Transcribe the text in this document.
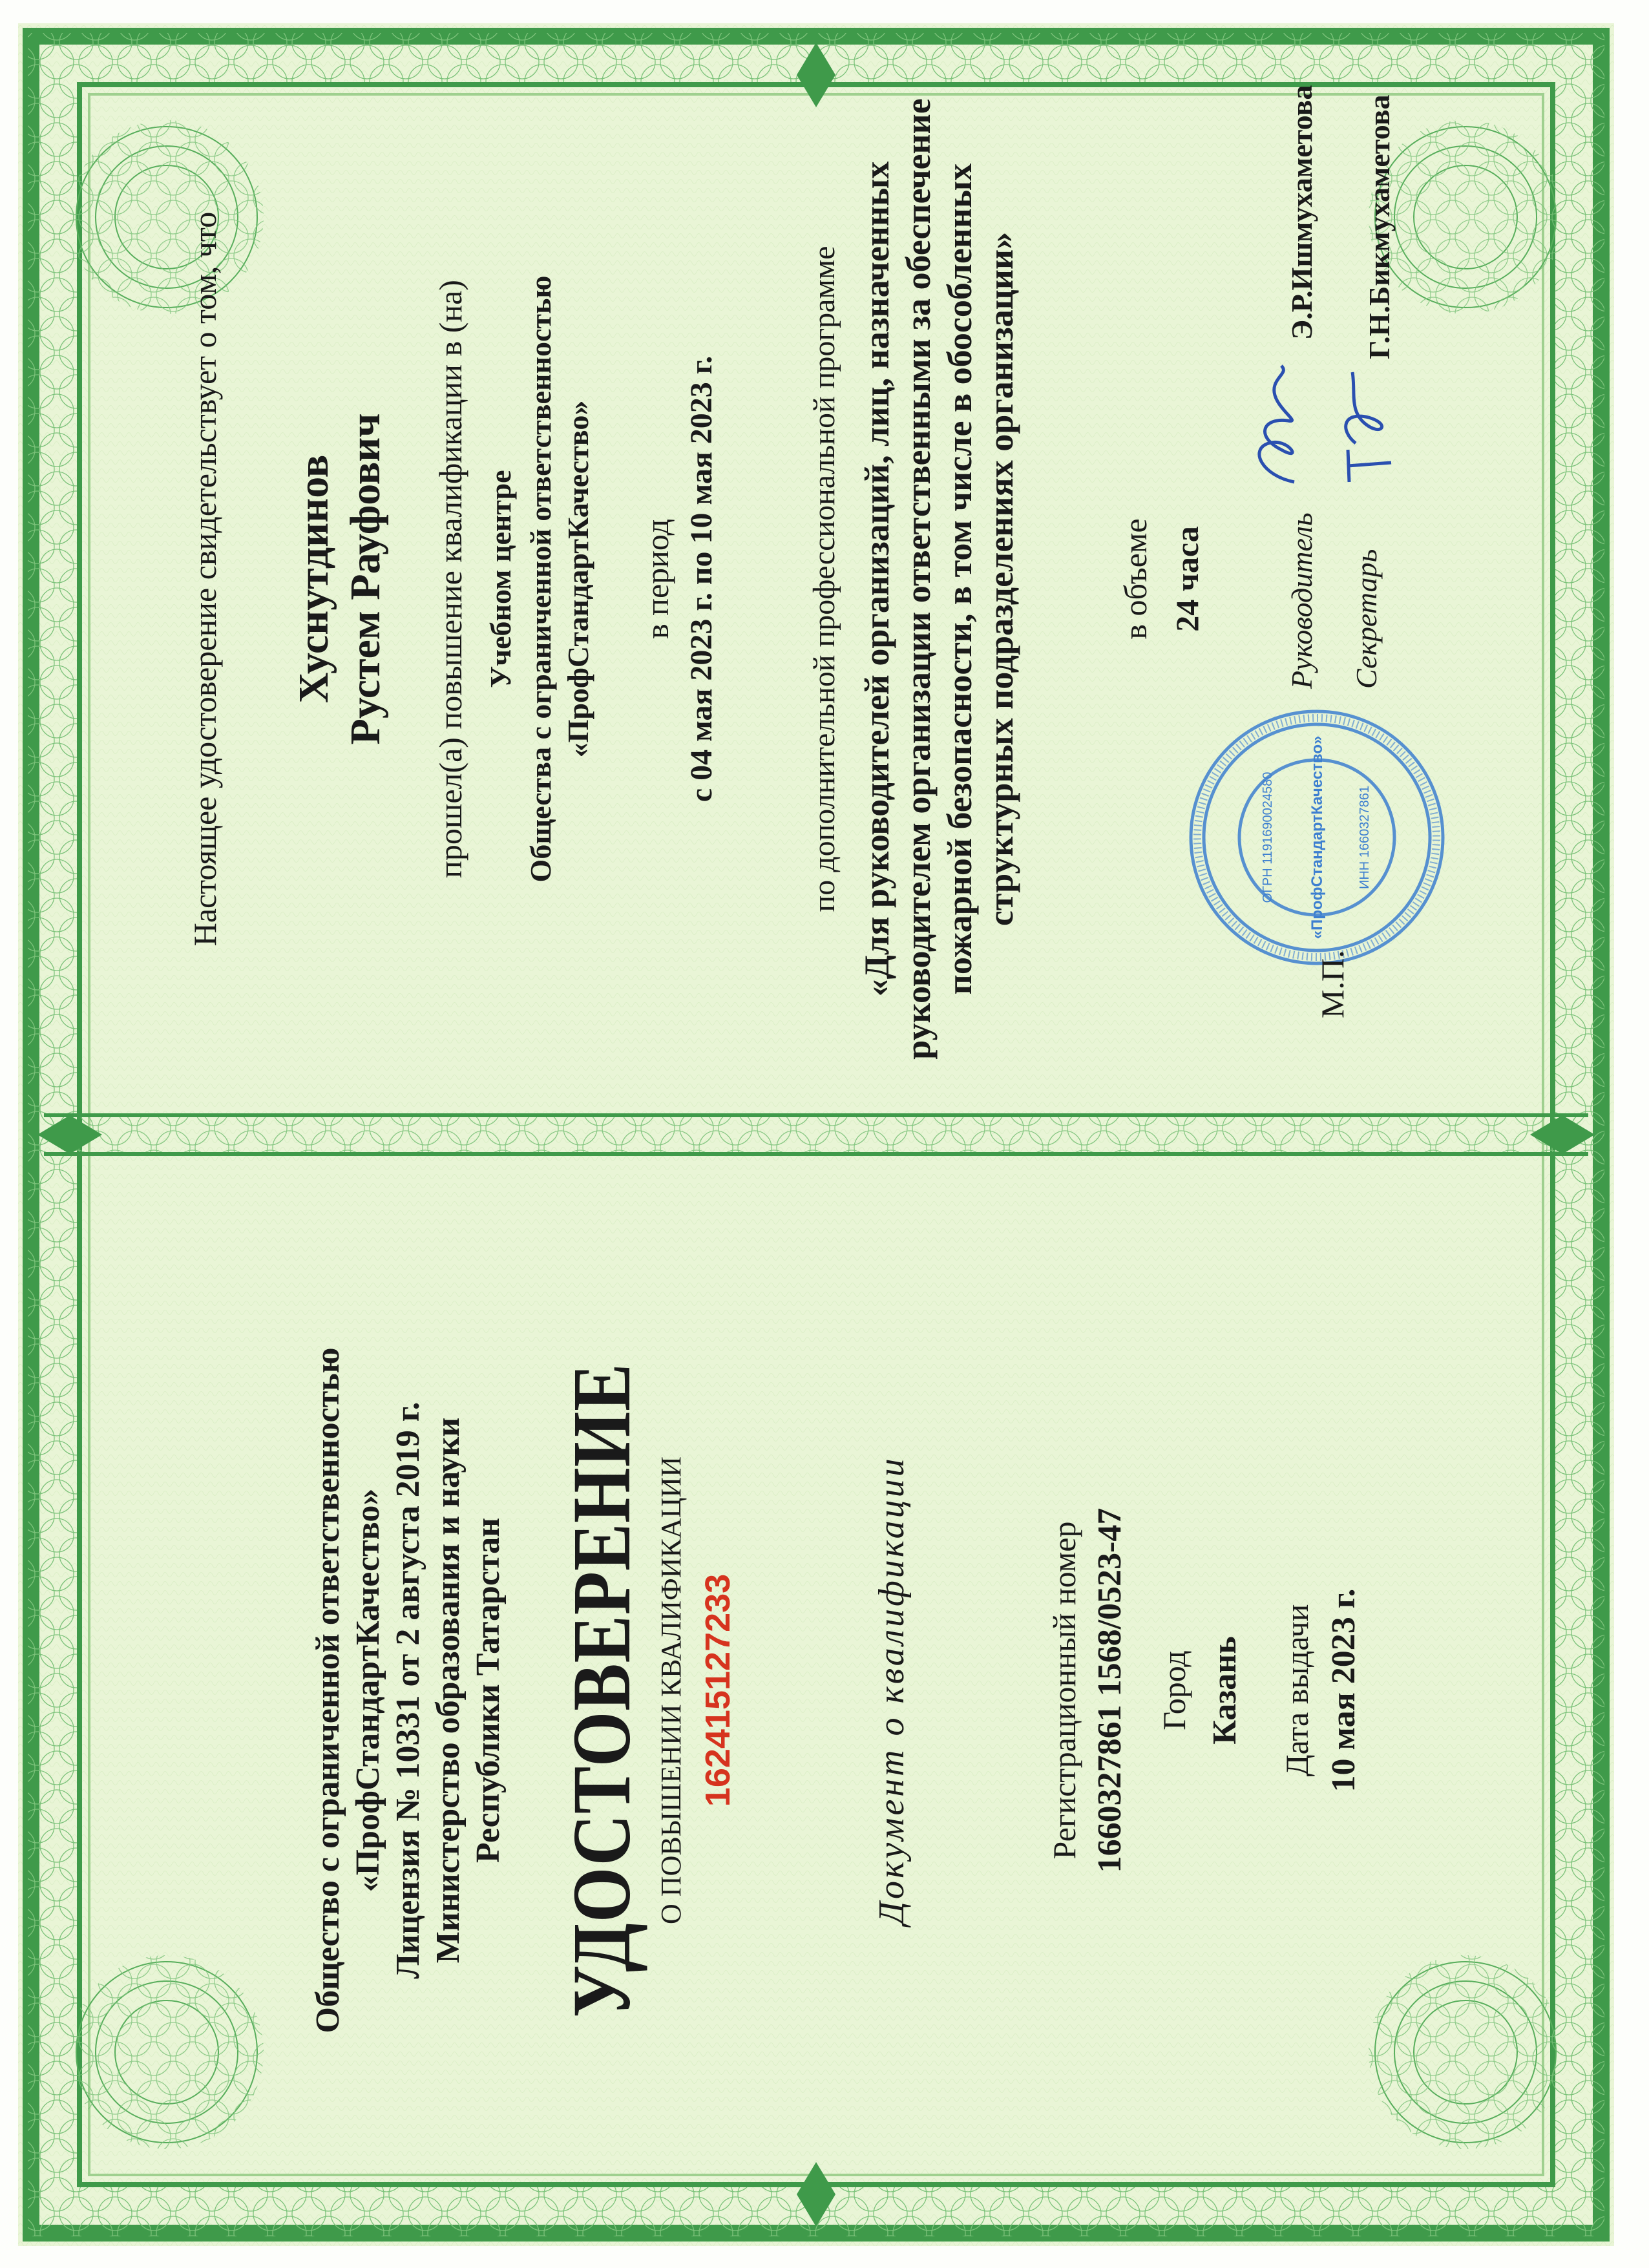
Общество с ограниченной ответственностью «ПрофСтандартКачество» Лицензия № 10331 от 2 августа 2019 г. Министерство образования и науки Республики Татарстан УДОСТОВЕРЕНИЕ О ПОВЫШЕНИИ КВАЛИФИКАЦИИ 162415127233	Документ о квалификации	Регистрационный номер 1660327861 1568/0523-47 Город Казань Дата выдачи 10 мая 2023 г.
Настоящее удостоверение свидетельствует о том, что Хуснутдинов Рустем Рауфович прошел(а) повышение квалификации в (на) Учебном центре Общества с ограниченной ответственностью «ПрофСтандартКачество» в период с 04 мая 2023 г. по 10 мая 2023 г.	по дополнительной профессиональной программе «Для руководителей организаций, лиц, назначенных руководителем организации ответственными за обеспечение пожарной безопасности, в том числе в обособленных структурных подразделениях организации»	в объеме 24 часа
ОГРН 1191690024580 «ПрофСтандартКачество» ИНН 1660327861
М.П.
Руководитель Секретарь
Э.Р.Ишмухаметова Г.Н.Бикмухаметова
